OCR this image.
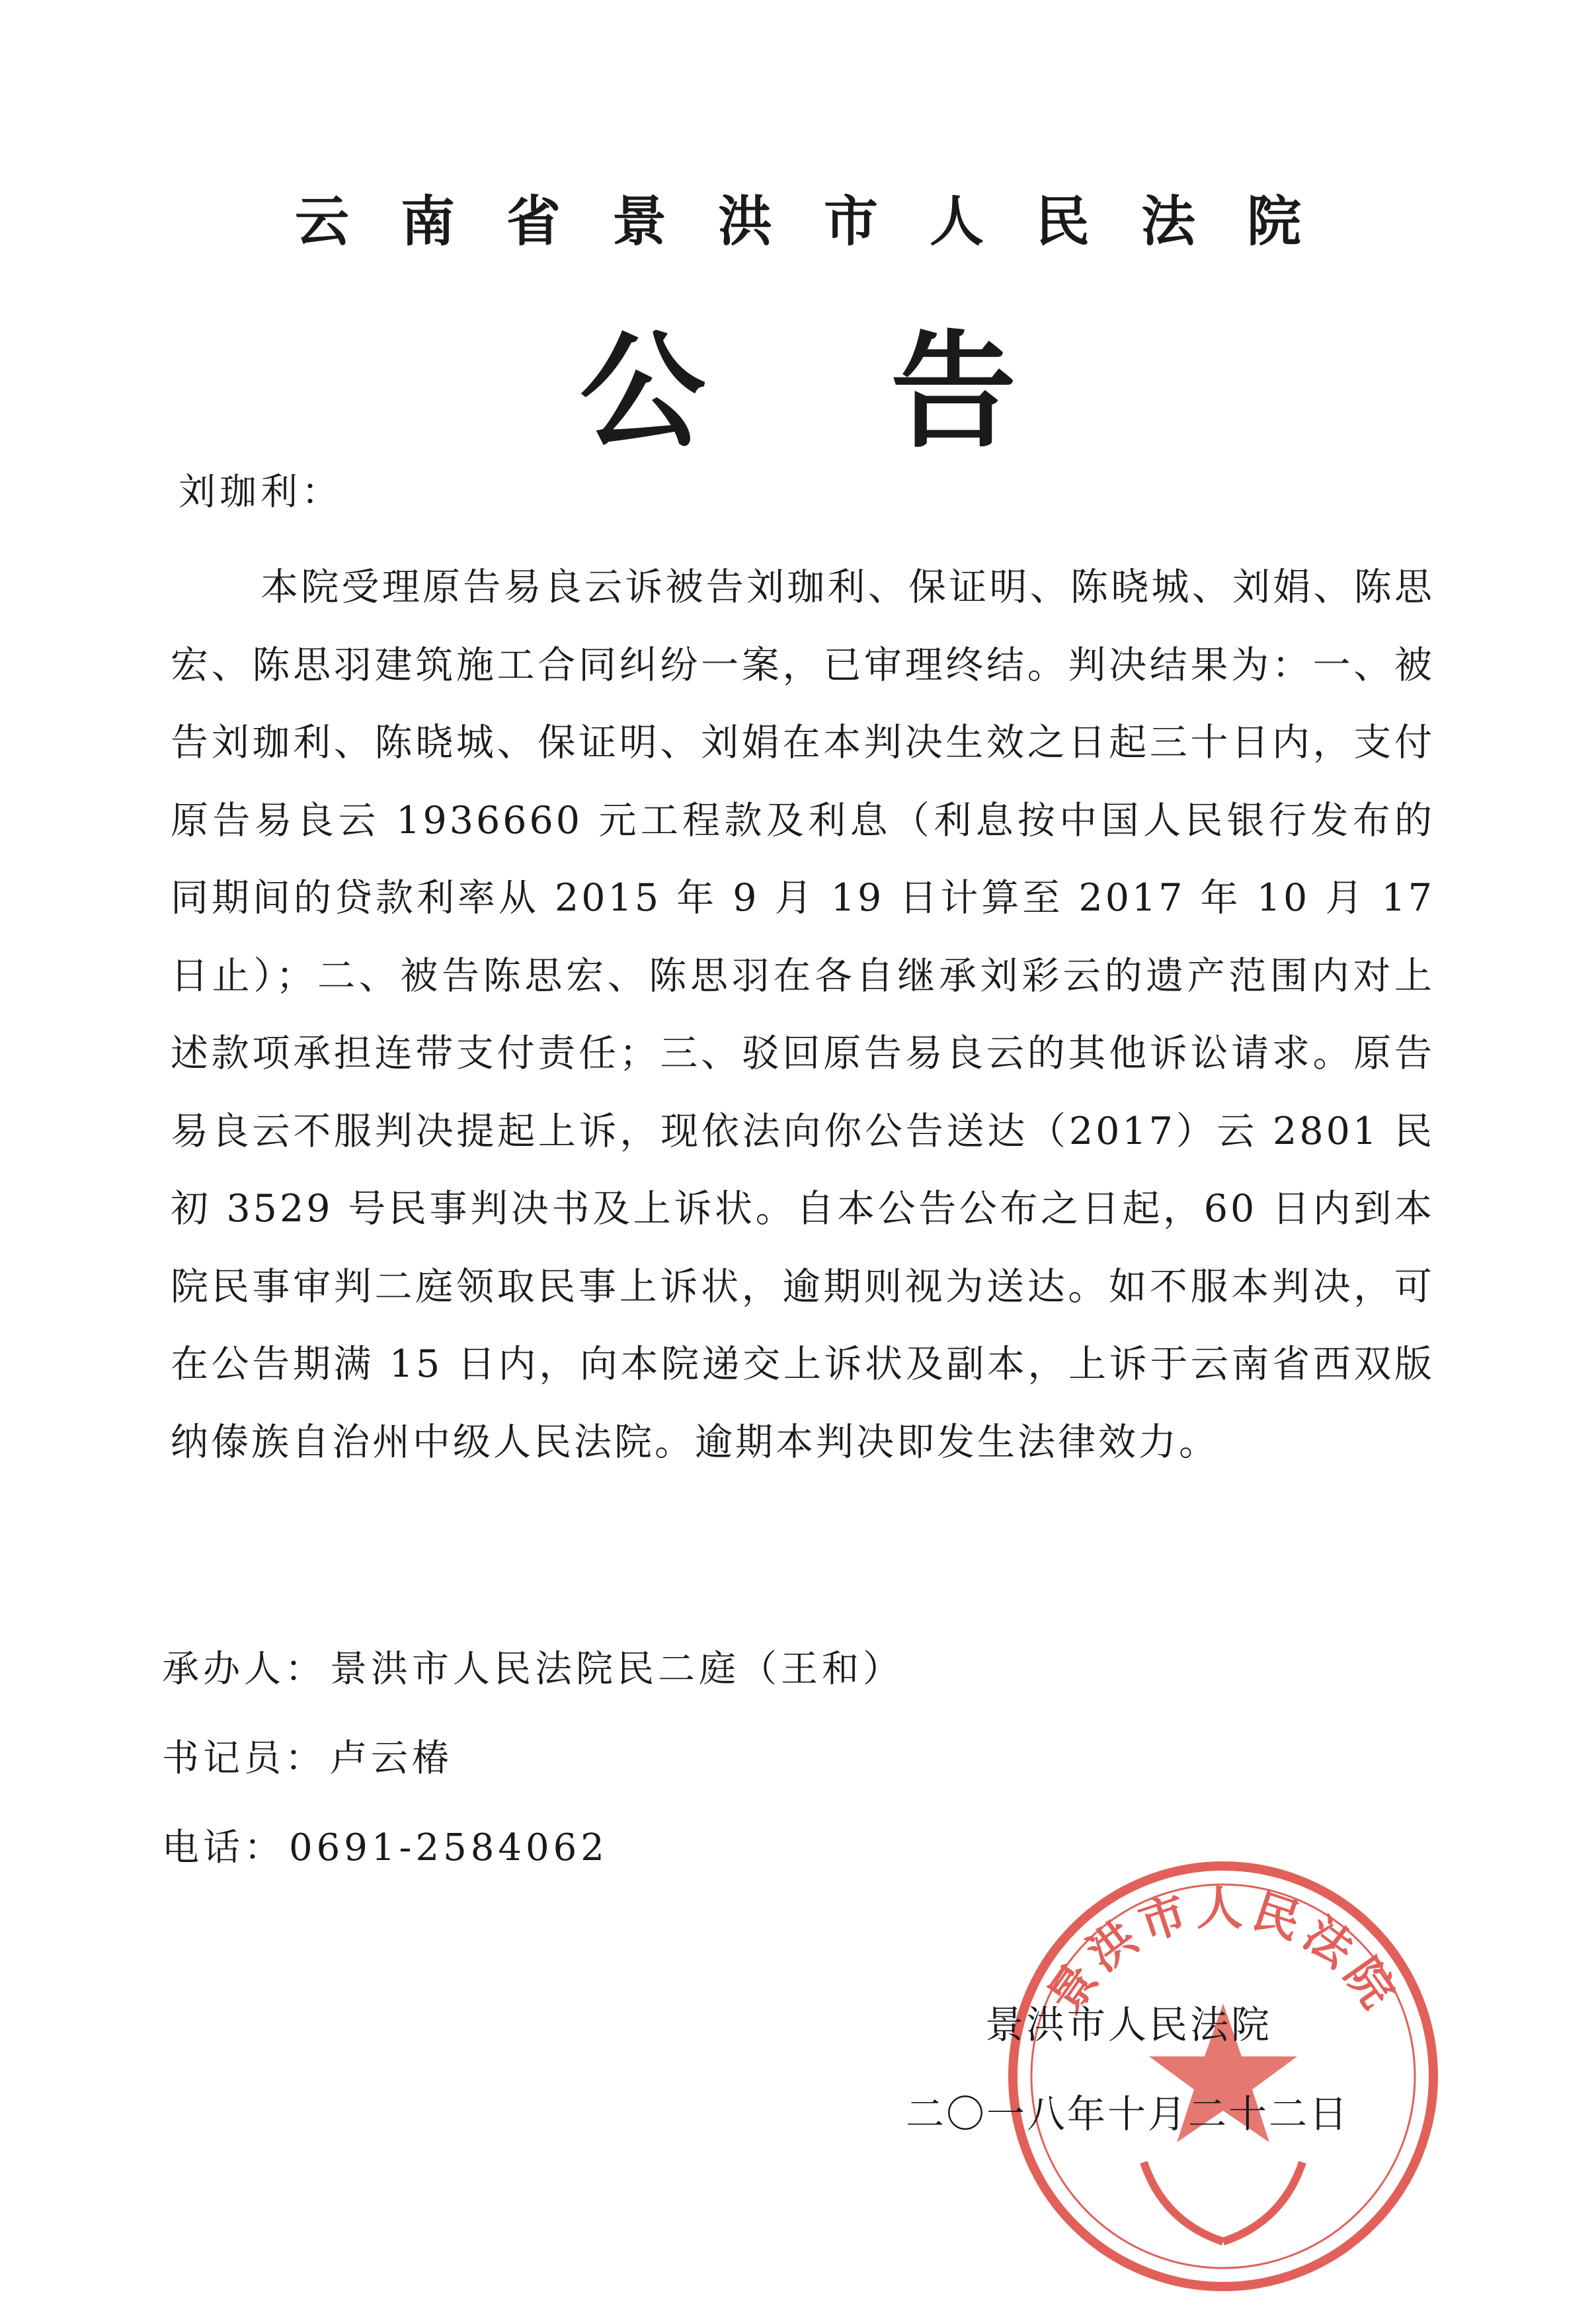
云南省景洪市人民法院
公告
刘珈利：
本院受理原告易良云诉被告刘珈利、保证明、陈晓城、刘娟、陈思宏、陈思羽建筑施工合同纠纷一案，已审理终结。判决结果为：一、被告刘珈利、陈晓城、保证明、刘娟在本判决生效之日起三十日内，支付原告易良云 1936660 元工程款及利息（利息按中国人民银行发布的同期间的贷款利率从 2015 年 9 月 19 日计算至 2017 年 10 月 17 日止）；二、被告陈思宏、陈思羽在各自继承刘彩云的遗产范围内对上述款项承担连带支付责任；三、驳回原告易良云的其他诉讼请求。原告易良云不服判决提起上诉，现依法向你公告送达（2017）云 2801 民初 3529 号民事判决书及上诉状。自本公告公布之日起，60 日内到本院民事审判二庭领取民事上诉状，逾期则视为送达。如不服本判决，可在公告期满 15 日内，向本院递交上诉状及副本，上诉于云南省西双版纳傣族自治州中级人民法院。逾期本判决即发生法律效力。
承办人： 景洪市人民法院民二庭（王和）
书记员： 卢云椿
电话： 0691-2584062
景洪市人民法院
景洪市人民法院
二〇一八年十月二十二日
